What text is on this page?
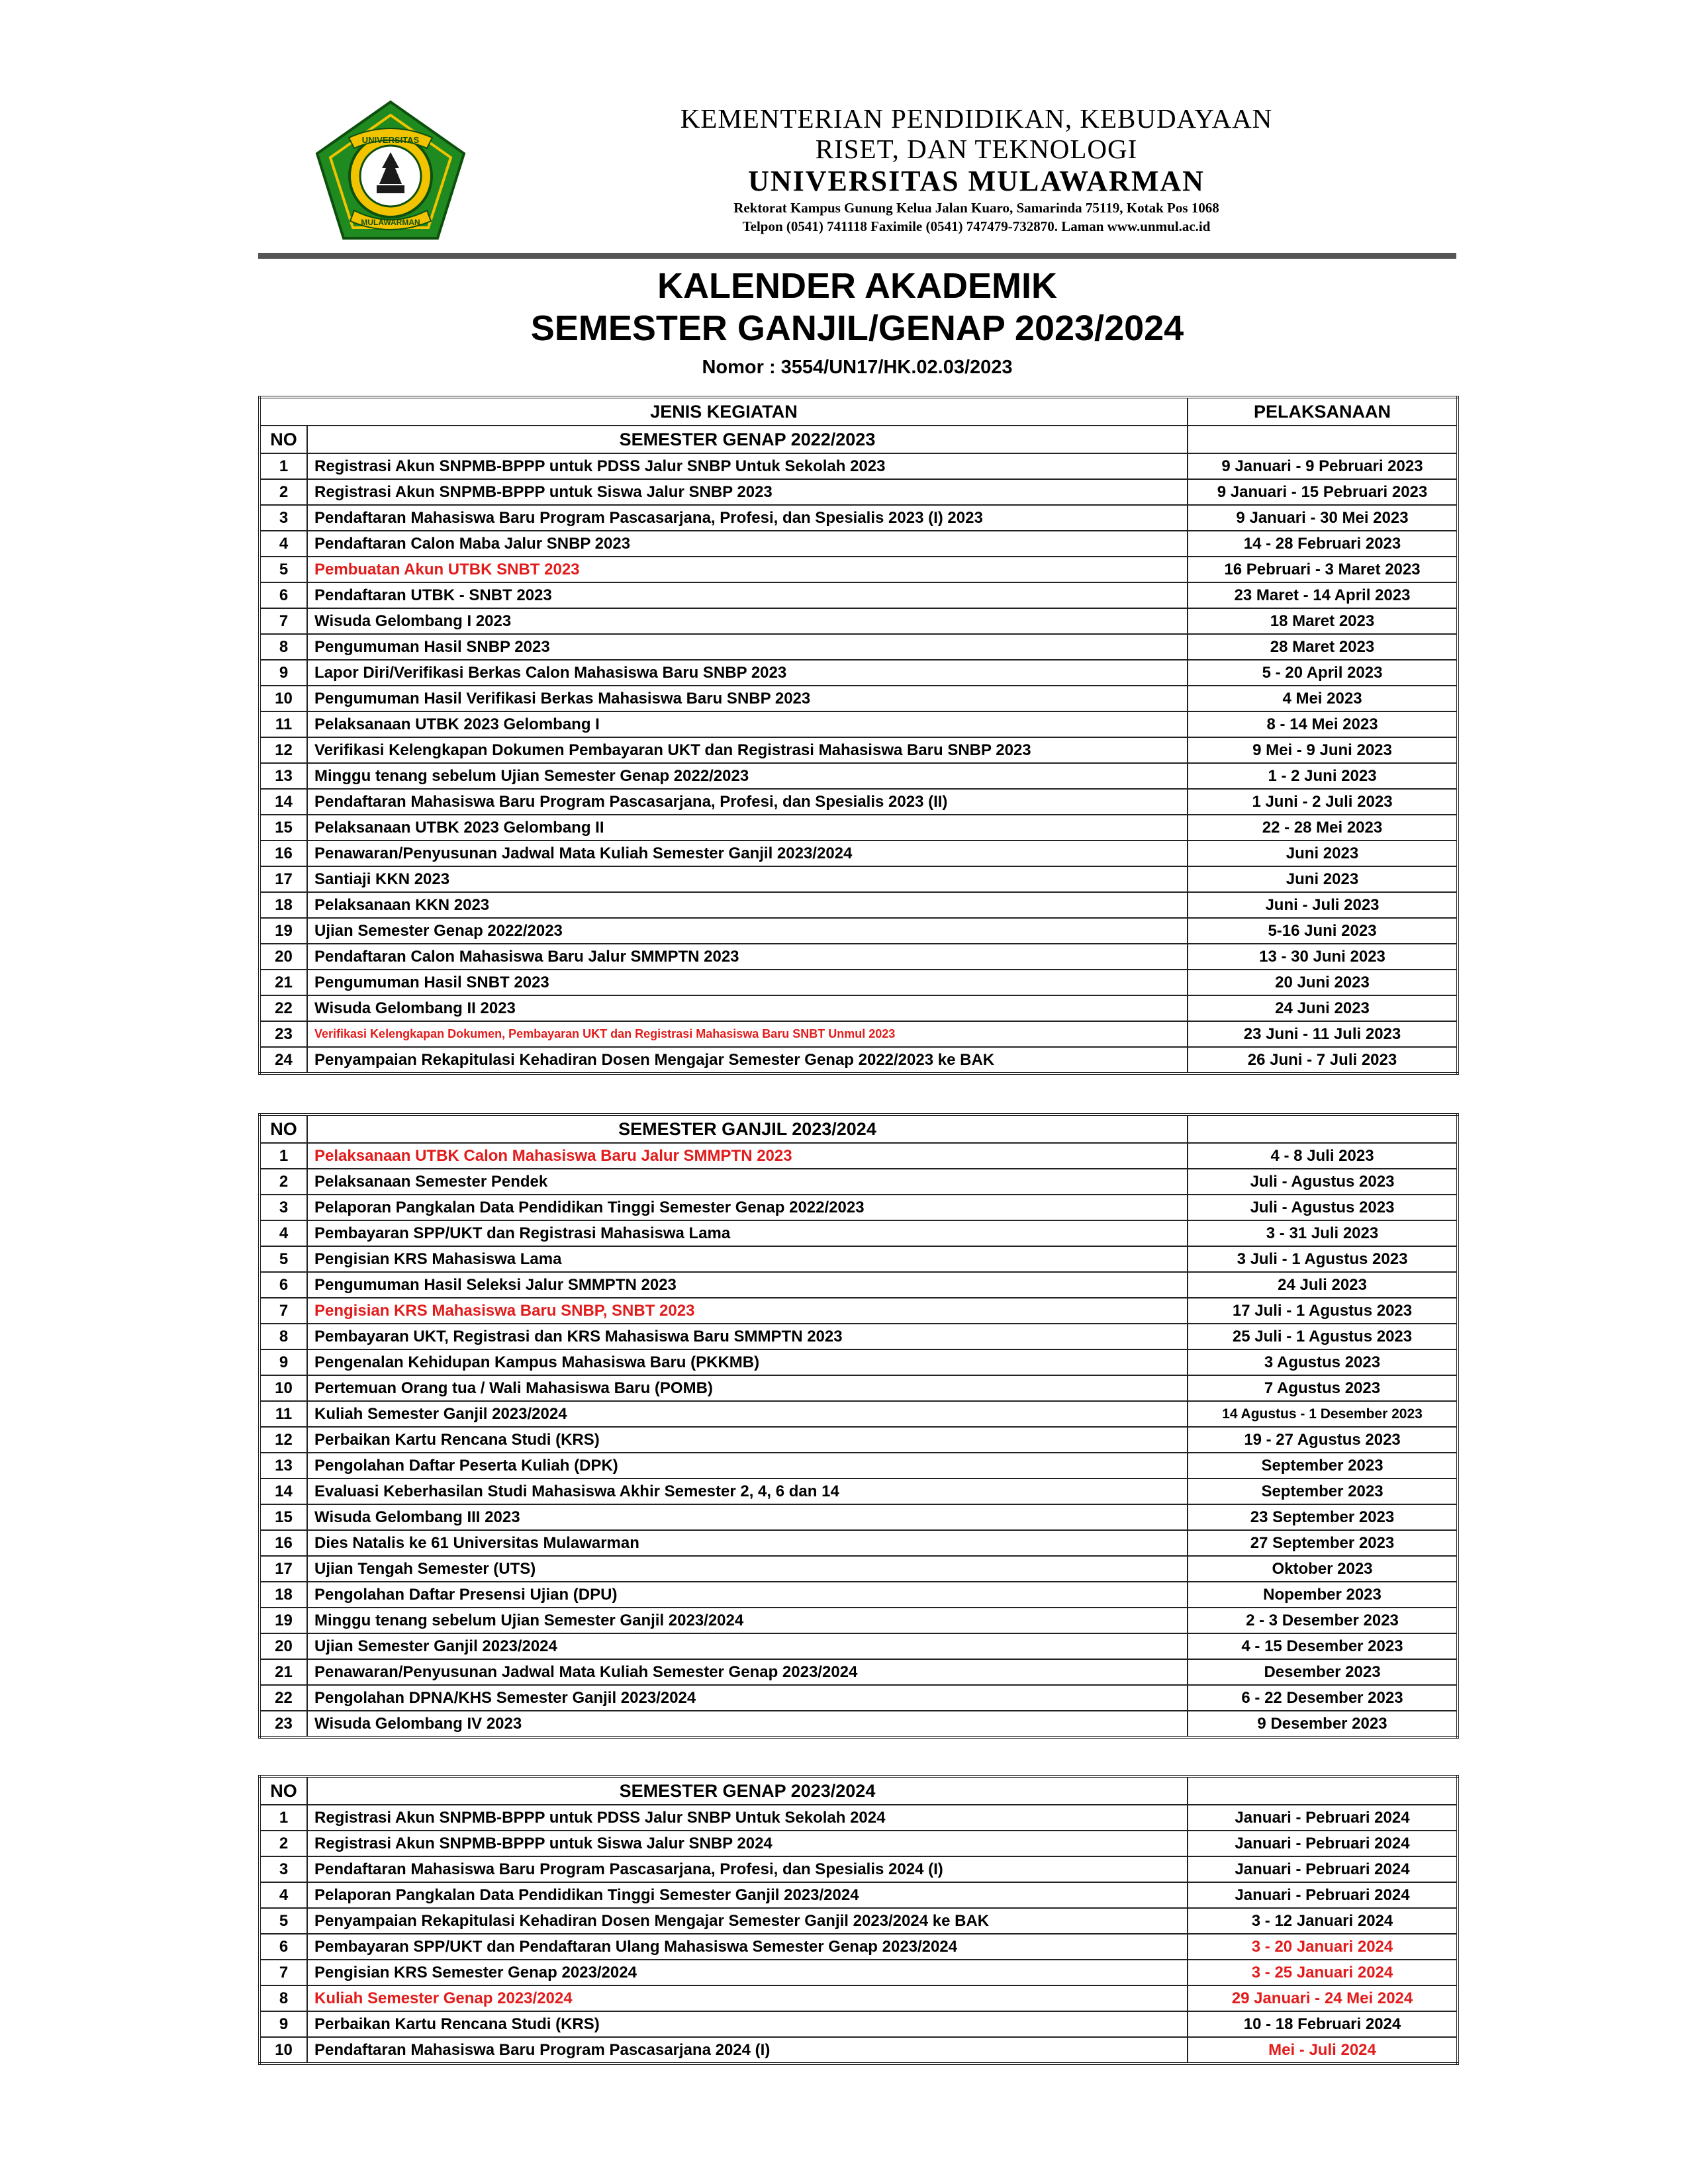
UNIVERSITAS
MULAWARMAN
KEMENTERIAN PENDIDIKAN, KEBUDAYAAN
RISET, DAN TEKNOLOGI
UNIVERSITAS MULAWARMAN
Rektorat Kampus Gunung Kelua Jalan Kuaro, Samarinda 75119, Kotak Pos 1068
Telpon (0541) 741118 Faximile (0541) 747479-732870. Laman www.unmul.ac.id
KALENDER AKADEMIK
SEMESTER GANJIL/GENAP 2023/2024
Nomor : 3554/UN17/HK.02.03/2023
JENIS KEGIATAN		PELAKSANAAN
NO	SEMESTER GENAP 2022/2023	
1	Registrasi Akun SNPMB-BPPP untuk PDSS Jalur SNBP Untuk Sekolah 2023	9 Januari - 9 Pebruari 2023
2	Registrasi Akun SNPMB-BPPP untuk Siswa Jalur SNBP 2023	9 Januari - 15 Pebruari 2023
3	Pendaftaran Mahasiswa Baru Program Pascasarjana, Profesi, dan Spesialis 2023 (I) 2023	9 Januari - 30 Mei 2023
4	Pendaftaran Calon Maba Jalur SNBP 2023	14 - 28 Februari 2023
5	Pembuatan Akun UTBK SNBT 2023	16 Pebruari - 3 Maret 2023
6	Pendaftaran UTBK - SNBT 2023	23 Maret - 14 April 2023
7	Wisuda Gelombang I 2023	18 Maret 2023
8	Pengumuman Hasil SNBP 2023	28 Maret 2023
9	Lapor Diri/Verifikasi Berkas Calon Mahasiswa Baru SNBP 2023	5 - 20 April 2023
10	Pengumuman Hasil Verifikasi Berkas Mahasiswa Baru SNBP 2023	4 Mei 2023
11	Pelaksanaan UTBK 2023 Gelombang I	8 - 14 Mei 2023
12	Verifikasi Kelengkapan Dokumen Pembayaran UKT dan Registrasi Mahasiswa Baru SNBP 2023	9 Mei - 9 Juni 2023
13	Minggu tenang sebelum Ujian Semester Genap 2022/2023	1 - 2 Juni 2023
14	Pendaftaran Mahasiswa Baru Program Pascasarjana, Profesi, dan Spesialis 2023 (II)	1 Juni - 2 Juli 2023
15	Pelaksanaan UTBK 2023 Gelombang II	22 - 28 Mei 2023
16	Penawaran/Penyusunan Jadwal Mata Kuliah Semester Ganjil 2023/2024	Juni 2023
17	Santiaji KKN 2023	Juni 2023
18	Pelaksanaan KKN 2023	Juni - Juli 2023
19	Ujian Semester Genap 2022/2023	5-16 Juni 2023
20	Pendaftaran Calon Mahasiswa Baru Jalur SMMPTN 2023	13 - 30 Juni 2023
21	Pengumuman Hasil SNBT 2023	20 Juni 2023
22	Wisuda Gelombang II 2023	24 Juni 2023
23	Verifikasi Kelengkapan Dokumen, Pembayaran UKT dan Registrasi Mahasiswa Baru SNBT Unmul 2023	23 Juni - 11 Juli 2023
24	Penyampaian Rekapitulasi Kehadiran Dosen Mengajar Semester Genap 2022/2023 ke BAK	26 Juni - 7 Juli 2023
NO	SEMESTER GANJIL 2023/2024	
1	Pelaksanaan UTBK Calon Mahasiswa Baru Jalur SMMPTN 2023	4 - 8 Juli 2023
2	Pelaksanaan Semester Pendek	Juli - Agustus 2023
3	Pelaporan Pangkalan Data Pendidikan Tinggi Semester Genap 2022/2023	Juli - Agustus 2023
4	Pembayaran SPP/UKT dan Registrasi Mahasiswa Lama	3 - 31 Juli 2023
5	Pengisian KRS Mahasiswa Lama	3 Juli - 1 Agustus 2023
6	Pengumuman Hasil Seleksi Jalur SMMPTN 2023	24 Juli 2023
7	Pengisian KRS Mahasiswa Baru SNBP, SNBT 2023	17 Juli - 1 Agustus 2023
8	Pembayaran UKT, Registrasi dan KRS Mahasiswa Baru SMMPTN 2023	25 Juli - 1 Agustus 2023
9	Pengenalan Kehidupan Kampus Mahasiswa Baru (PKKMB)	3 Agustus 2023
10	Pertemuan Orang tua / Wali Mahasiswa Baru (POMB)	7 Agustus 2023
11	Kuliah Semester Ganjil 2023/2024	14 Agustus - 1 Desember 2023
12	Perbaikan Kartu Rencana Studi (KRS)	19 - 27 Agustus 2023
13	Pengolahan Daftar Peserta Kuliah (DPK)	September 2023
14	Evaluasi Keberhasilan Studi Mahasiswa Akhir Semester 2, 4, 6 dan 14	September 2023
15	Wisuda Gelombang III 2023	23 September 2023
16	Dies Natalis ke 61 Universitas Mulawarman	27 September 2023
17	Ujian Tengah Semester (UTS)	Oktober 2023
18	Pengolahan Daftar Presensi Ujian (DPU)	Nopember 2023
19	Minggu tenang sebelum Ujian Semester Ganjil 2023/2024	2 - 3 Desember 2023
20	Ujian Semester Ganjil 2023/2024	4 - 15 Desember 2023
21	Penawaran/Penyusunan Jadwal Mata Kuliah Semester Genap 2023/2024	Desember 2023
22	Pengolahan DPNA/KHS Semester Ganjil 2023/2024	6 - 22 Desember 2023
23	Wisuda Gelombang IV 2023	9 Desember 2023
NO	SEMESTER GENAP 2023/2024	
1	Registrasi Akun SNPMB-BPPP untuk PDSS Jalur SNBP Untuk Sekolah 2024	Januari - Pebruari 2024
2	Registrasi Akun SNPMB-BPPP untuk Siswa Jalur SNBP 2024	Januari - Pebruari 2024
3	Pendaftaran Mahasiswa Baru Program Pascasarjana, Profesi, dan Spesialis 2024 (I)	Januari - Pebruari 2024
4	Pelaporan Pangkalan Data Pendidikan Tinggi Semester Ganjil 2023/2024	Januari - Pebruari 2024
5	Penyampaian Rekapitulasi Kehadiran Dosen Mengajar Semester Ganjil 2023/2024 ke BAK	3 - 12 Januari 2024
6	Pembayaran SPP/UKT dan Pendaftaran Ulang Mahasiswa Semester Genap 2023/2024	3 - 20 Januari 2024
7	Pengisian KRS Semester Genap 2023/2024	3 - 25 Januari 2024
8	Kuliah Semester Genap 2023/2024	29 Januari - 24 Mei 2024
9	Perbaikan Kartu Rencana Studi (KRS)	10 - 18 Februari 2024
10	Pendaftaran Mahasiswa Baru Program Pascasarjana 2024 (I)	Mei - Juli 2024
